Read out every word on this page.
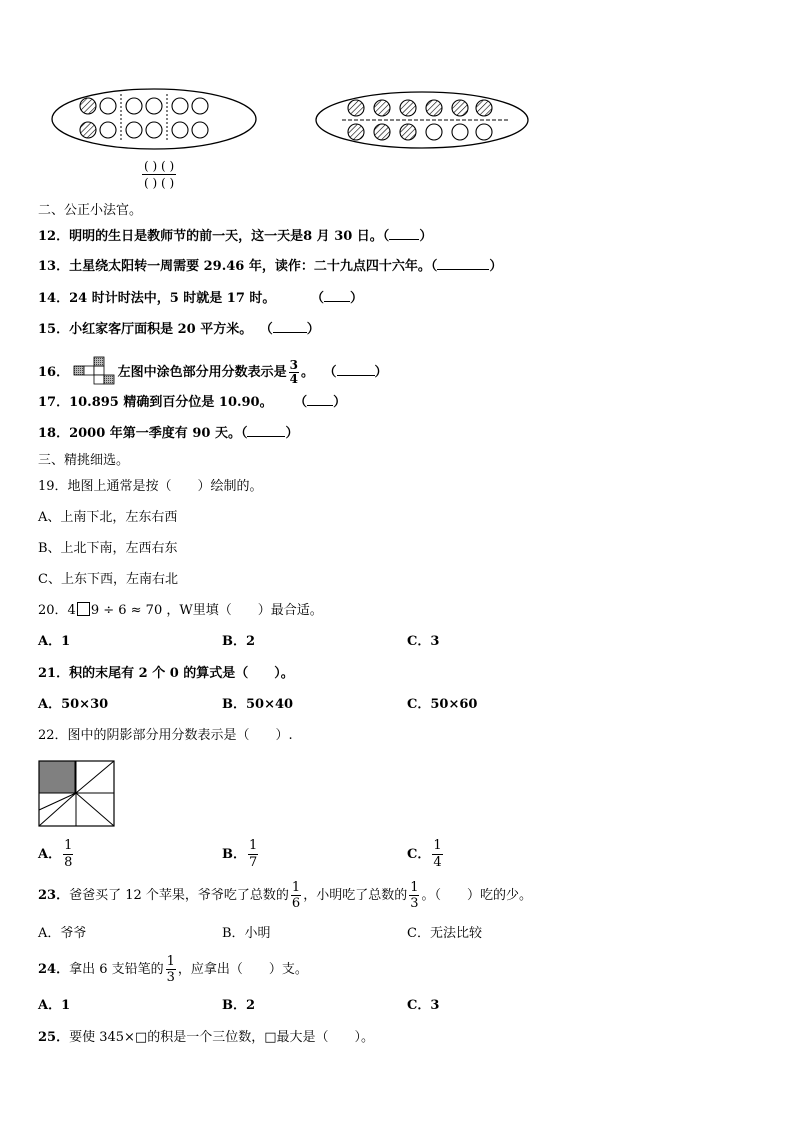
( ) ( )
( ) ( )
二、公正小法官。
12．明明的生日是教师节的前一天，这一天是8 月 30 日。（ ）
13．土星绕太阳转一周需要 29.46 年，读作：二十九点四十六年。（	）
14．24 时计时法中，5 时就是 17 时。	（ ）
15．小红家客厅面积是 20 平方米。 （	）
16．	左图中涂色部分用分数表示是 $\frac{3}{4}$ 。 （	）
17．10.895 精确到百分位是 10.90。 （ ）
18．2000 年第一季度有 90 天。（	）
三、精挑细选。
19．地图上通常是按（　　）绘制的。
A、上南下北，左东右西
B、上北下南，左西右东
C、上东下西，左南右北
20．4 9 ÷ 6 ≈ 70 ，W里填（　　）最合适。
A．1	B．2	C．3
21．积的末尾有 2 个 0 的算式是（　　）。
A．50×30	B．50×40	C．50×60
22．图中的阴影部分用分数表示是（　　）.
A． $\frac{1}{8}$	B． $\frac{1}{7}$	C． $\frac{1}{4}$
23．爸爸买了 12 个苹果，爷爷吃了总数的 $\frac{1}{6}$ ，小明吃了总数的 $\frac{1}{3}$ 。（　　）吃的少。
A．爷爷	B．小明	C．无法比较
24．拿出 6 支铅笔的 $\frac{1}{3}$ ，应拿出（　　）支。
A．1	B．2	C．3
25．要使 345×□的积是一个三位数，□最大是（　　）。
